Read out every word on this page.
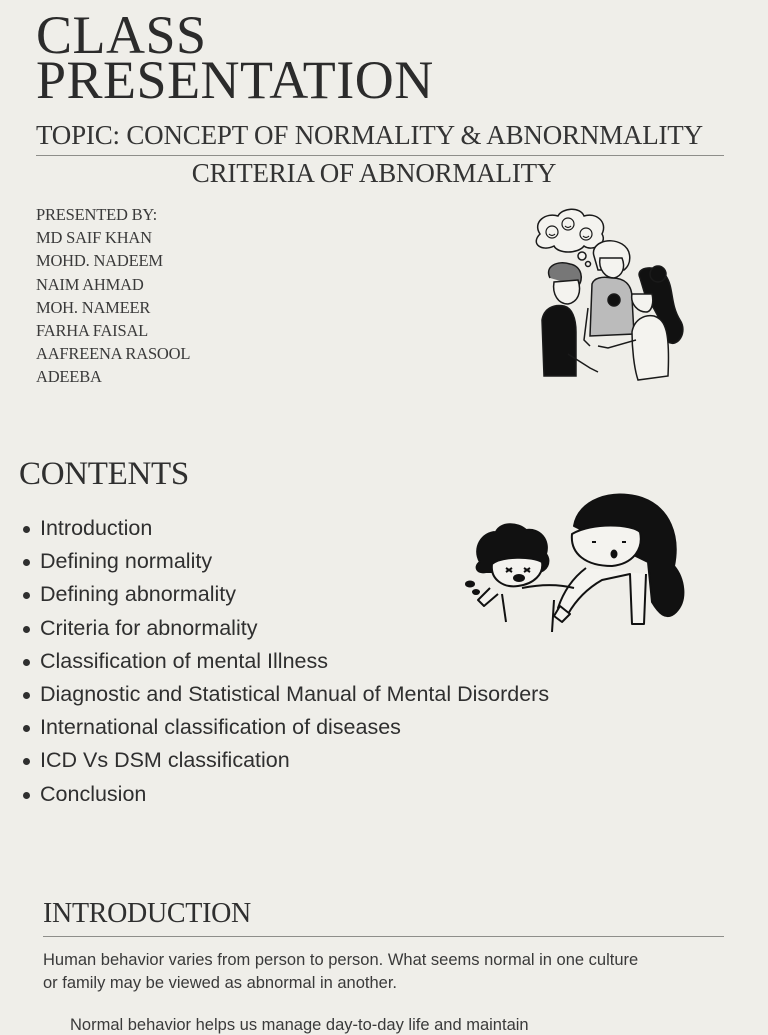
CLASS
PRESENTATION
TOPIC: CONCEPT OF NORMALITY & ABNORNMALITY
CRITERIA OF ABNORMALITY
PRESENTED BY:
MD SAIF KHAN
MOHD. NADEEM
NAIM AHMAD
MOH. NAMEER
FARHA FAISAL
AAFREENA RASOOL
ADEEBA
CONTENTS
Introduction
Defining normality
Defining abnormality
Criteria for abnormality
Classification of mental Illness
Diagnostic and Statistical Manual of Mental Disorders
International classification of diseases
ICD Vs DSM classification
Conclusion
INTRODUCTION
Human behavior varies from person to person. What seems normal in one culture or family may be viewed as abnormal in another.
Normal behavior helps us manage day-to-day life and maintain
